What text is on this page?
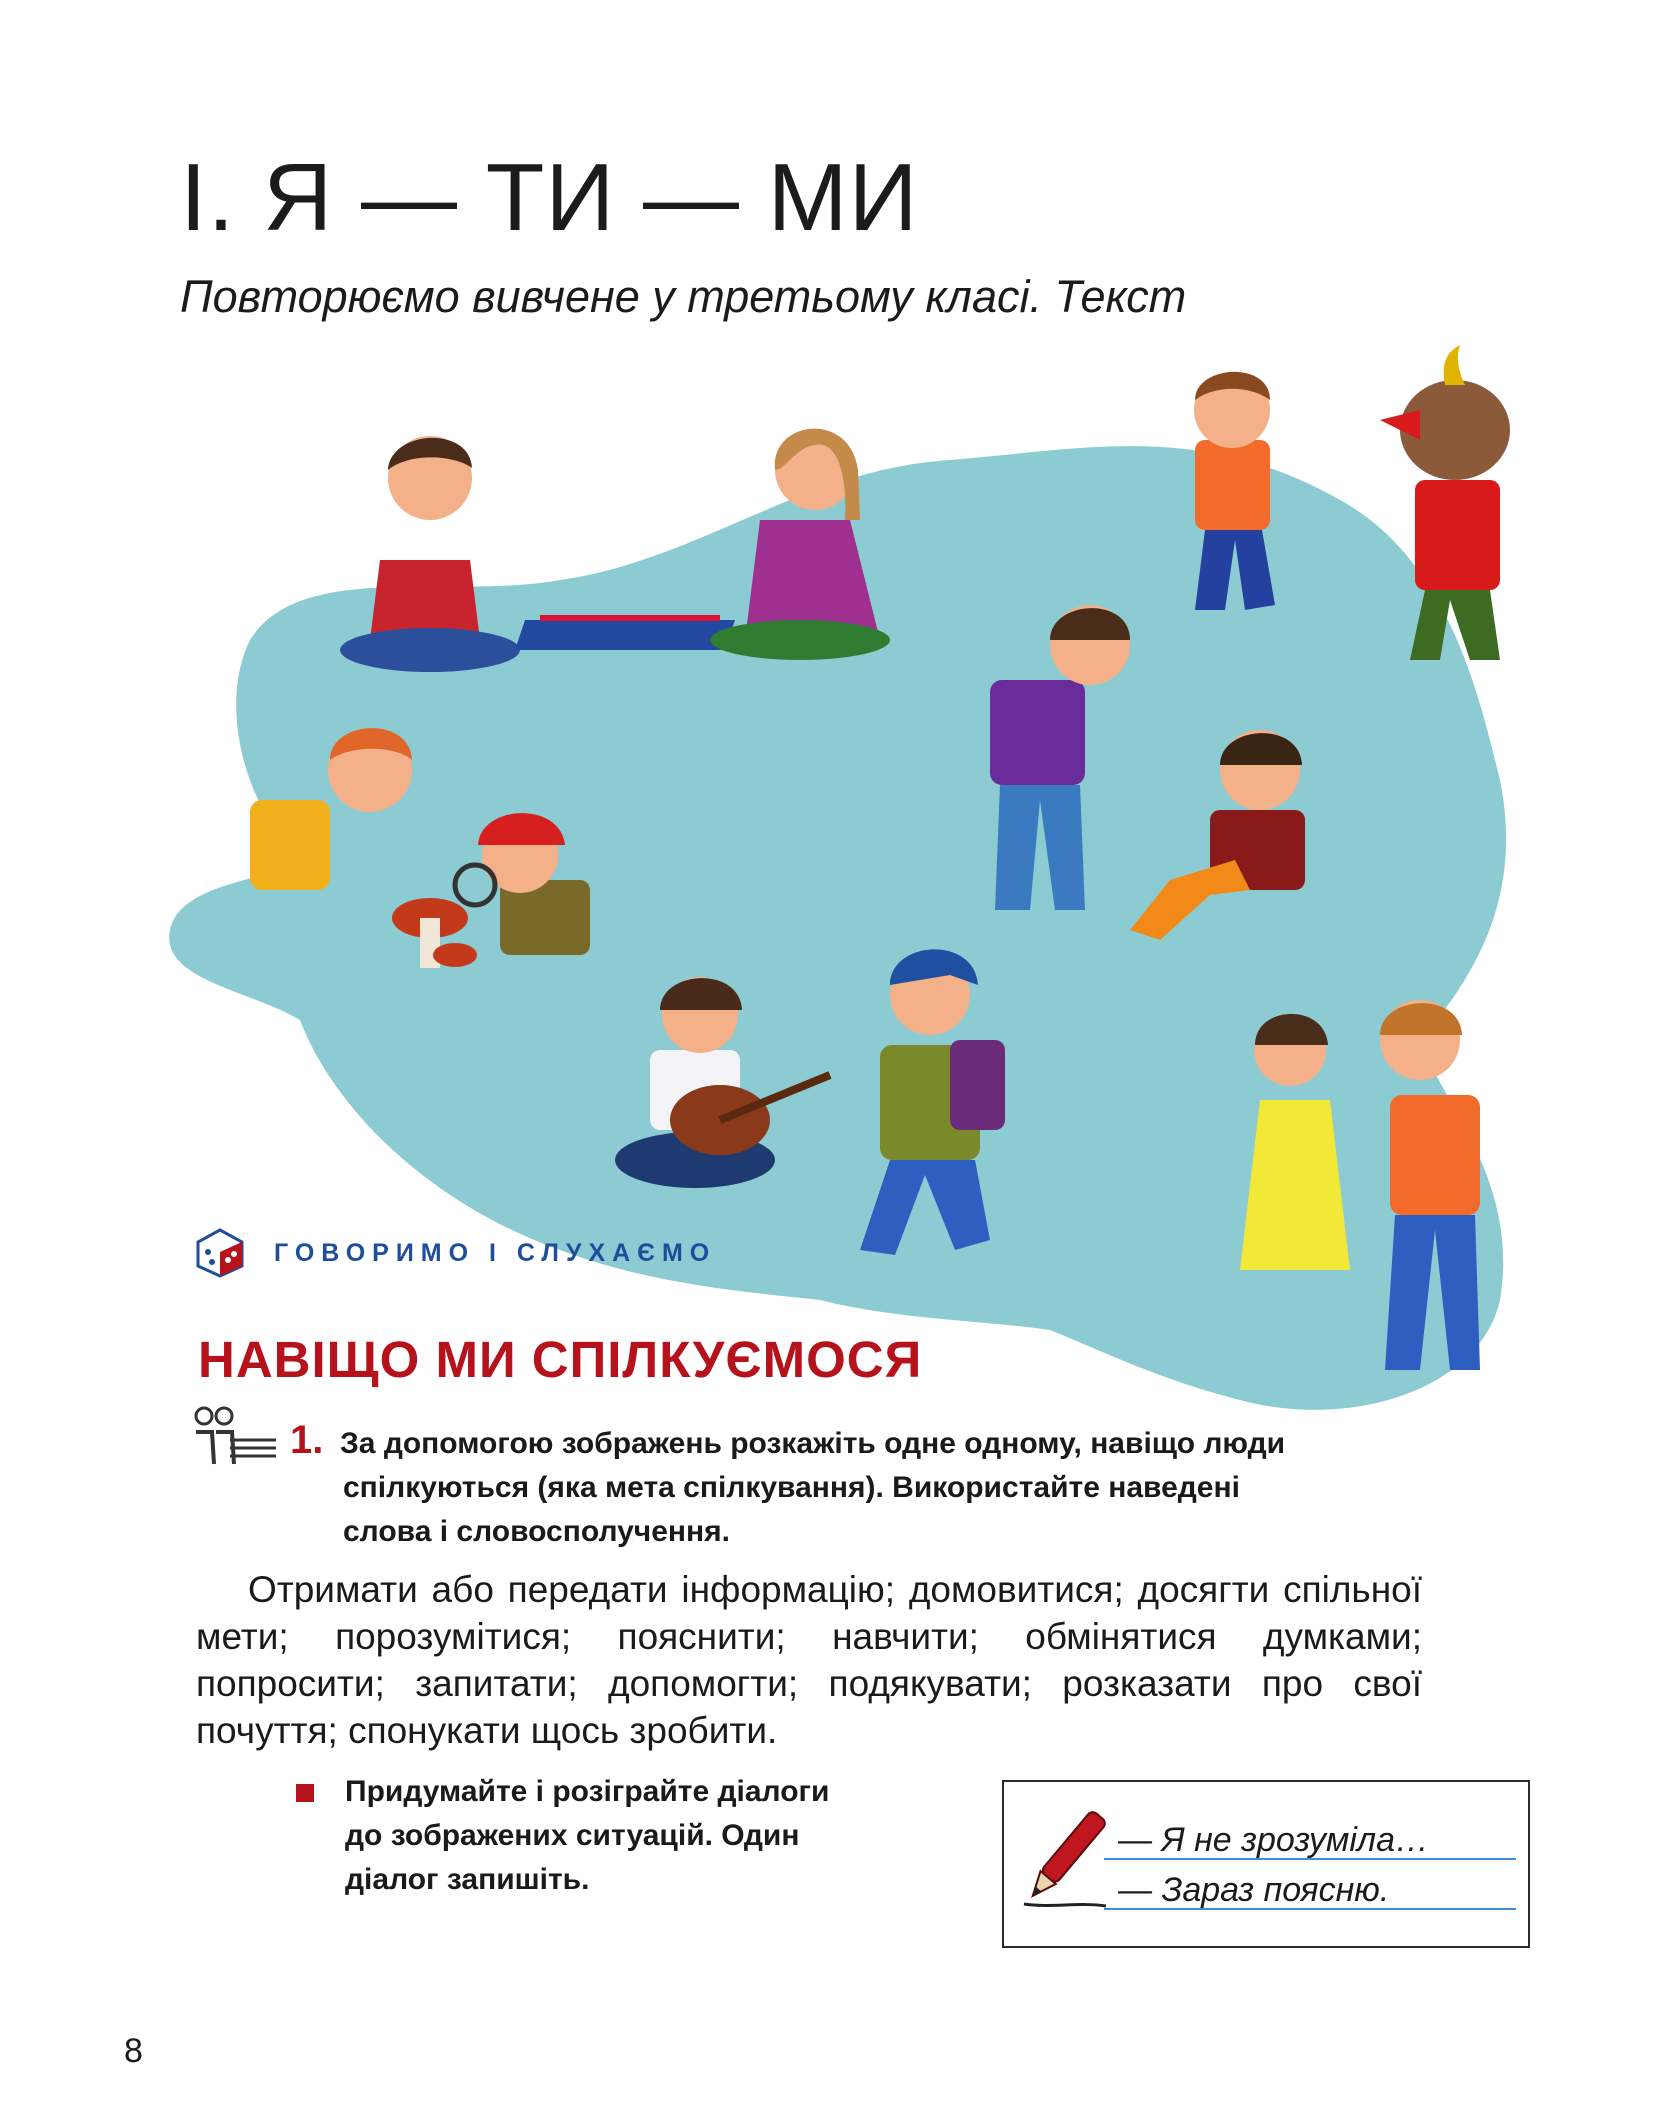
І. Я — ТИ — МИ

Повторюємо вивчене у третьому класі. Текст

ГОВОРИМО І СЛУХАЄМО
НАВІЩО МИ СПІЛКУЄМОСЯ
1. За допомогою зображень розкажіть одне одному, навіщо люди
спілкуються (яка мета спілкування). Використайте наведені
слова і словосполучення.

Отримати або передати інформацію; домовитися; досягти спільної мети; порозумітися; пояснити; навчити; обмінятися думками; попросити; запитати; допомогти; подякувати; розказати про свої почуття; спонукати щось зробити.

Придумайте і розіграйте діалоги
до зображених ситуацій. Один
діалог запишіть.
— Я не зрозуміла…
— Зараз поясню.
8
